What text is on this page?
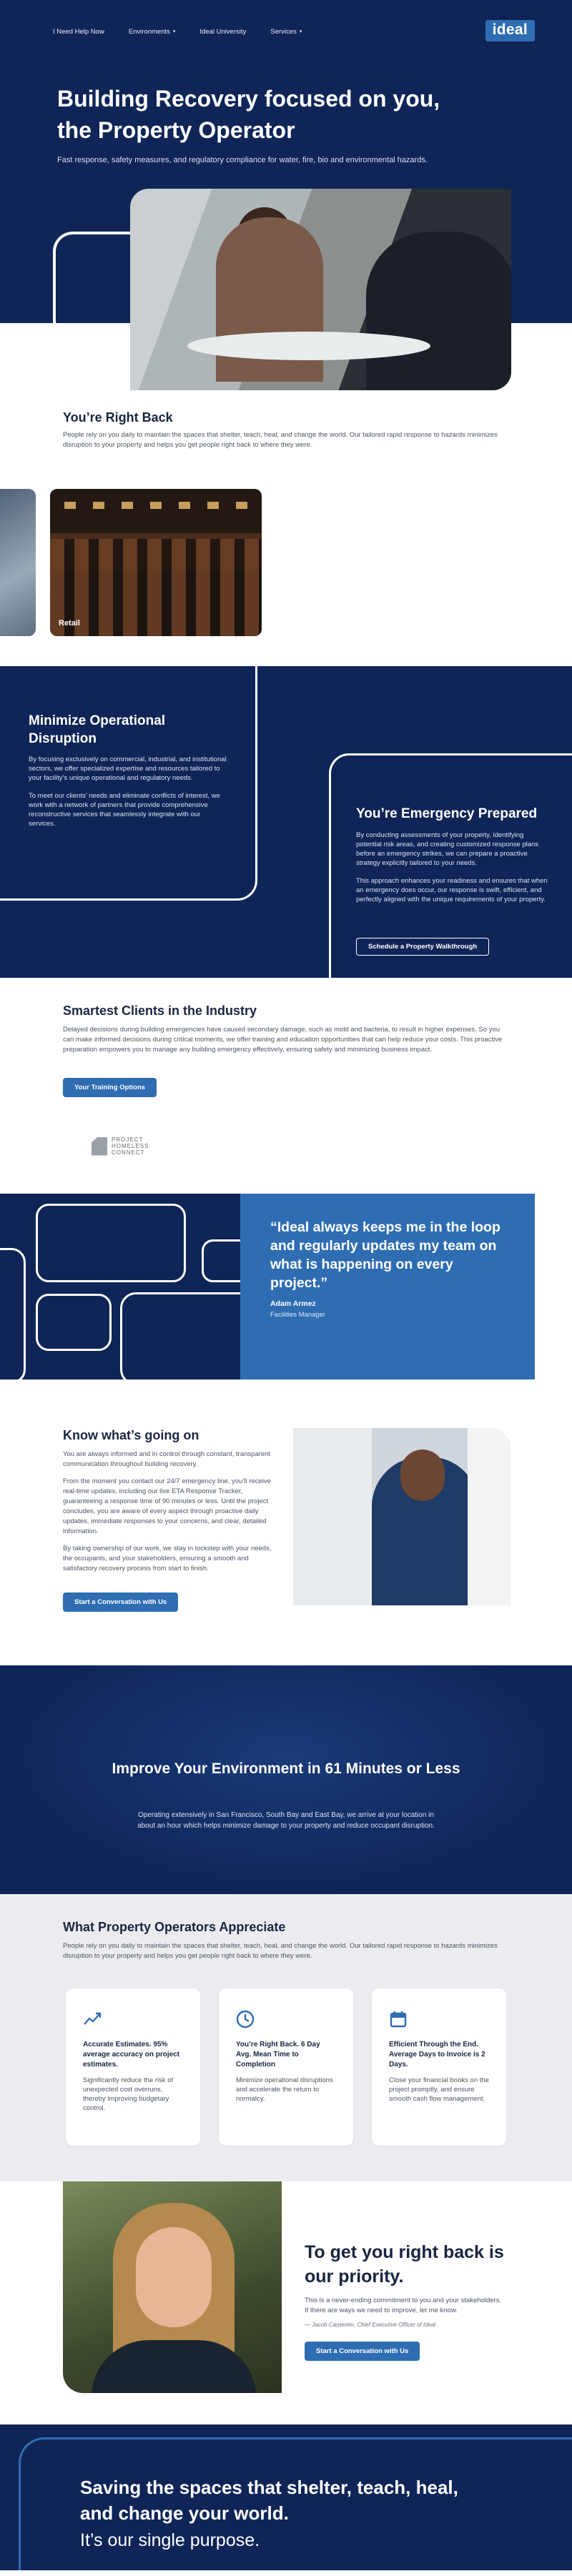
I Need Help Now	Environments ▾	Ideal University	Services ▾	ideal
Building Recovery focused on you, the Property Operator

Fast response, safety measures, and regulatory compliance for water, fire, bio and environmental hazards.

You’re Right Back

People rely on you daily to maintain the spaces that shelter, teach, heal, and change the world. Our tailored rapid response to hazards minimizes disruption to your property and helps you get people right back to where they were.

Retail
Minimize Operational Disruption

By focusing exclusively on commercial, industrial, and institutional sectors, we offer specialized expertise and resources tailored to your facility’s unique operational and regulatory needs.

To meet our clients’ needs and eliminate conflicts of interest, we work with a network of partners that provide comprehensive reconstructive services that seamlessly integrate with our services.

You’re Emergency Prepared

By conducting assessments of your property, identifying potential risk areas, and creating customized response plans before an emergency strikes, we can prepare a proactive strategy explicitly tailored to your needs.

This approach enhances your readiness and ensures that when an emergency does occur, our response is swift, efficient, and perfectly aligned with the unique requirements of your property.

Schedule a Property Walkthrough
Smartest Clients in the Industry

Delayed decisions during building emergencies have caused secondary damage, such as mold and bacteria, to result in higher expenses. So you can make informed decisions during critical moments, we offer training and education opportunities that can help reduce your costs. This proactive preparation empowers you to manage any building emergency effectively, ensuring safety and minimizing business impact.

Your Training Options
PROJECT
HOMELESS
CONNECT
“Ideal always keeps me in the loop and regularly updates my team on what is happening on every project.”
Adam Armez
Facilities Manager
Know what’s going on

You are always informed and in control through constant, transparent communication throughout building recovery.

From the moment you contact our 24/7 emergency line, you’ll receive real-time updates, including our live ETA Response Tracker, guaranteeing a response time of 90 minutes or less. Until the project concludes, you are aware of every aspect through proactive daily updates, immediate responses to your concerns, and clear, detailed information.

By taking ownership of our work, we stay in lockstep with your needs, the occupants, and your stakeholders, ensuring a smooth and satisfactory recovery process from start to finish.

Start a Conversation with Us
Improve Your Environment in 61 Minutes or Less

Operating extensively in San Francisco, South Bay and East Bay, we arrive at your location in about an hour which helps minimize damage to your property and reduce occupant disruption.

What Property Operators Appreciate

People rely on you daily to maintain the spaces that shelter, teach, heal, and change the world. Our tailored rapid response to hazards minimizes disruption to your property and helps you get people right back to where they were.

Accurate Estimates. 95% average accuracy on project estimates.
Significantly reduce the risk of unexpected cost overruns, thereby improving budgetary control.
You’re Right Back. 6 Day Avg. Mean Time to Completion
Minimize operational disruptions and accelerate the return to normalcy.
Efficient Through the End. Average Days to Invoice is 2 Days.
Close your financial books on the project promptly, and ensure smooth cash flow management.
To get you right back is our priority.

This is a never-ending commitment to you and your stakeholders. If there are ways we need to improve, let me know.

— Jacob Carpenter, Chief Executive Officer of Ideal
Start a Conversation with Us
Saving the spaces that shelter, teach, heal, and change your world.

It’s our single purpose.
